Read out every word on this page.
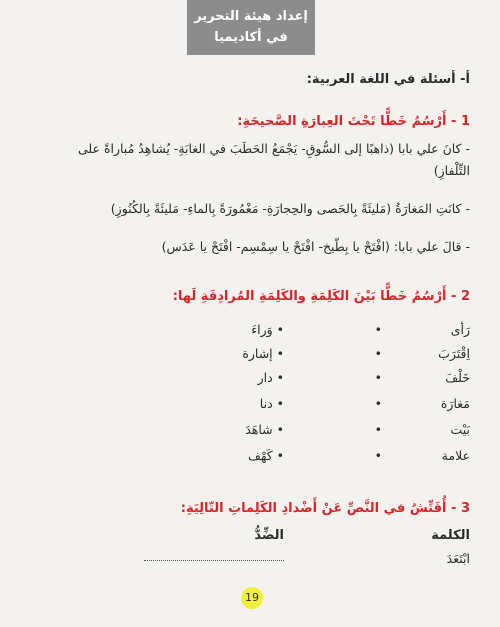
إعداد هيئة التحرير
في أكاديميا
أ- أسئلة في اللغة العربية:
1 - أَرْسُمُ خَطًّا تَحْتَ العِبارَةِ الصَّحيحَةِ:
- كانَ علي بابا (ذاهبًا إلى السُّوقِ- يَجْمَعُ الحَطَبَ في الغابَةِ- يُشاهِدُ مُباراةً على
التِّلْفازِ)
- كانَتِ المَغارَةُ (مَليئَةً بِالحَصى والحِجارَةِ- مَغْمُورَةً بِالماءِ- مَليئَةً بِالكُنُوزِ)
- قالَ علي بابا: (افْتَحْ يا بِطّيخ- افْتَحْ يا سِمْسِم- افْتَحْ يا عَدَس)
2 - أَرْسُمُ خَطًّا بَيْنَ الكَلِمَةِ والكَلِمَةِ المُرادِفَةِ لَها:
رَأى
•
• وَراءَ
اِقْتَرَبَ
•
• إشارة
خَلْفَ
•
• دار
مَغارَة
•
• دنا
بَيْت
•
• شاهَدَ
علامة
•
• كَهْف
3 - أُفَتِّشُ في النَّصِّ عَنْ أَضْدادِ الكَلِماتِ التّالِيَةِ:
الكلمة
الضِّدُّ
ابْتَعَدَ
19
